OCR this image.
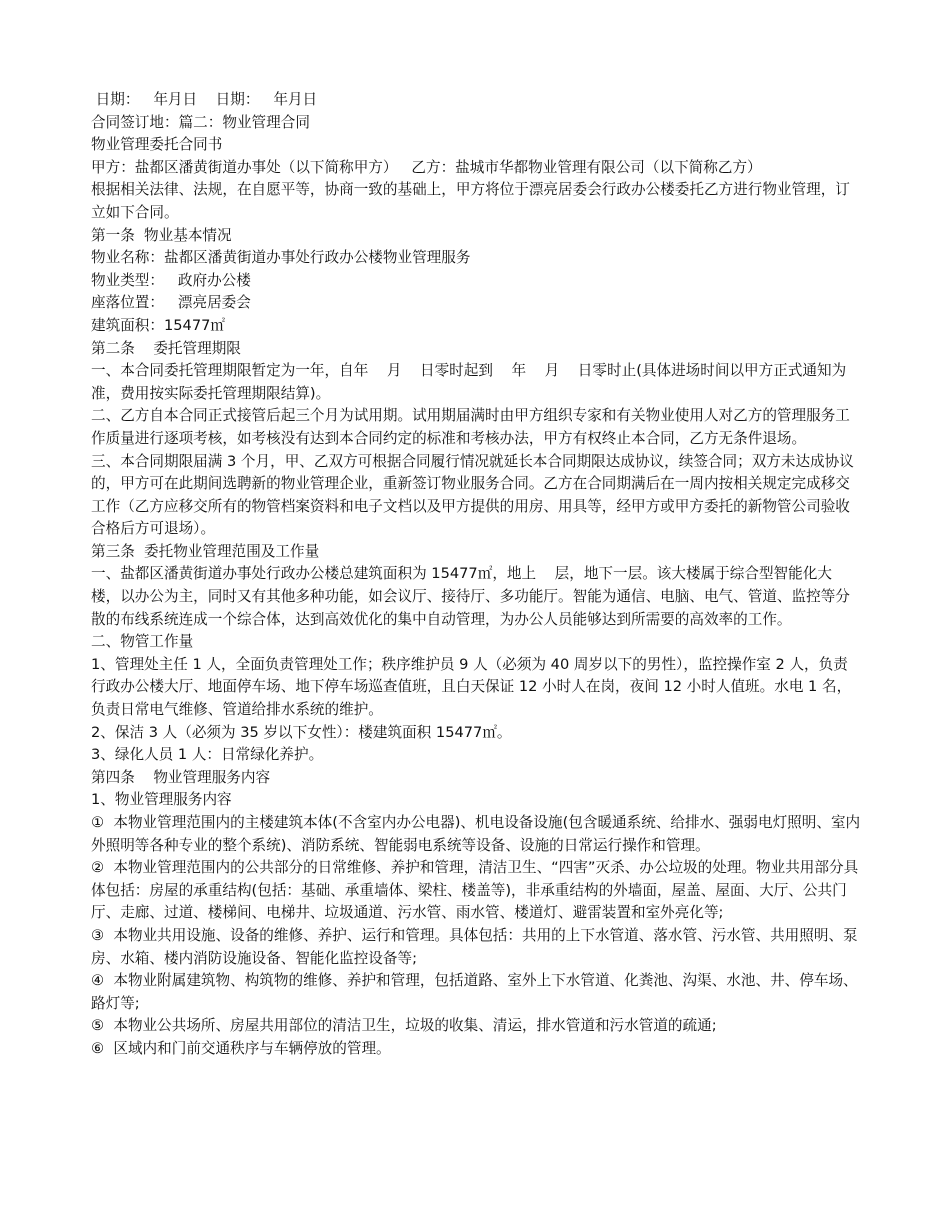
日期：   年月日    日期：   年月日

合同签订地：篇二：物业管理合同

物业管理委托合同书

甲方：盐都区潘黄街道办事处（以下简称甲方）   乙方：盐城市华都物业管理有限公司（以下简称乙方）

根据相关法律、法规，在自愿平等，协商一致的基础上，甲方将位于漂亮居委会行政办公楼委托乙方进行物业管理，订立如下合同。

第一条  物业基本情况

物业名称：盐都区潘黄街道办事处行政办公楼物业管理服务

物业类型：   政府办公楼

座落位置：   漂亮居委会

建筑面积：15477㎡

第二条    委托管理期限

一、本合同委托管理期限暂定为一年，自年    月    日零时起到    年    月    日零时止(具体进场时间以甲方正式通知为准，费用按实际委托管理期限结算)。

二、乙方自本合同正式接管后起三个月为试用期。试用期届满时由甲方组织专家和有关物业使用人对乙方的管理服务工作质量进行逐项考核，如考核没有达到本合同约定的标准和考核办法，甲方有权终止本合同，乙方无条件退场。

三、本合同期限届满 3 个月，甲、乙双方可根据合同履行情况就延长本合同期限达成协议，续签合同；双方未达成协议的，甲方可在此期间选聘新的物业管理企业，重新签订物业服务合同。乙方在合同期满后在一周内按相关规定完成移交工作（乙方应移交所有的物管档案资料和电子文档以及甲方提供的用房、用具等，经甲方或甲方委托的新物管公司验收合格后方可退场）。

第三条  委托物业管理范围及工作量

一、盐都区潘黄街道办事处行政办公楼总建筑面积为 15477㎡，地上    层，地下一层。该大楼属于综合型智能化大楼，以办公为主，同时又有其他多种功能，如会议厅、接待厅、多功能厅。智能为通信、电脑、电气、管道、监控等分散的布线系统连成一个综合体，达到高效优化的集中自动管理，为办公人员能够达到所需要的高效率的工作。

二、物管工作量

1、管理处主任 1 人，全面负责管理处工作；秩序维护员 9 人（必须为 40 周岁以下的男性），监控操作室 2 人，负责行政办公楼大厅、地面停车场、地下停车场巡查值班，且白天保证 12 小时人在岗，夜间 12 小时人值班。水电 1 名，负责日常电气维修、管道给排水系统的维护。

2、保洁 3 人（必须为 35 岁以下女性）：楼建筑面积 15477㎡。

3、绿化人员 1 人：日常绿化养护。

第四条    物业管理服务内容

1、物业管理服务内容

①  本物业管理范围内的主楼建筑本体(不含室内办公电器)、机电设备设施(包含暖通系统、给排水、强弱电灯照明、室内外照明等各种专业的整个系统)、消防系统、智能弱电系统等设备、设施的日常运行操作和管理。

②  本物业管理范围内的公共部分的日常维修、养护和管理，清洁卫生、“四害”灭杀、办公垃圾的处理。物业共用部分具体包括：房屋的承重结构(包括：基础、承重墙体、梁柱、楼盖等)，非承重结构的外墙面，屋盖、屋面、大厅、公共门厅、走廊、过道、楼梯间、电梯井、垃圾通道、污水管、雨水管、楼道灯、避雷装置和室外亮化等;

③  本物业共用设施、设备的维修、养护、运行和管理。具体包括：共用的上下水管道、落水管、污水管、共用照明、泵房、水箱、楼内消防设施设备、智能化监控设备等;

④  本物业附属建筑物、构筑物的维修、养护和管理，包括道路、室外上下水管道、化粪池、沟渠、水池、井、停车场、路灯等;

⑤  本物业公共场所、房屋共用部位的清洁卫生，垃圾的收集、清运，排水管道和污水管道的疏通;

⑥  区域内和门前交通秩序与车辆停放的管理。
